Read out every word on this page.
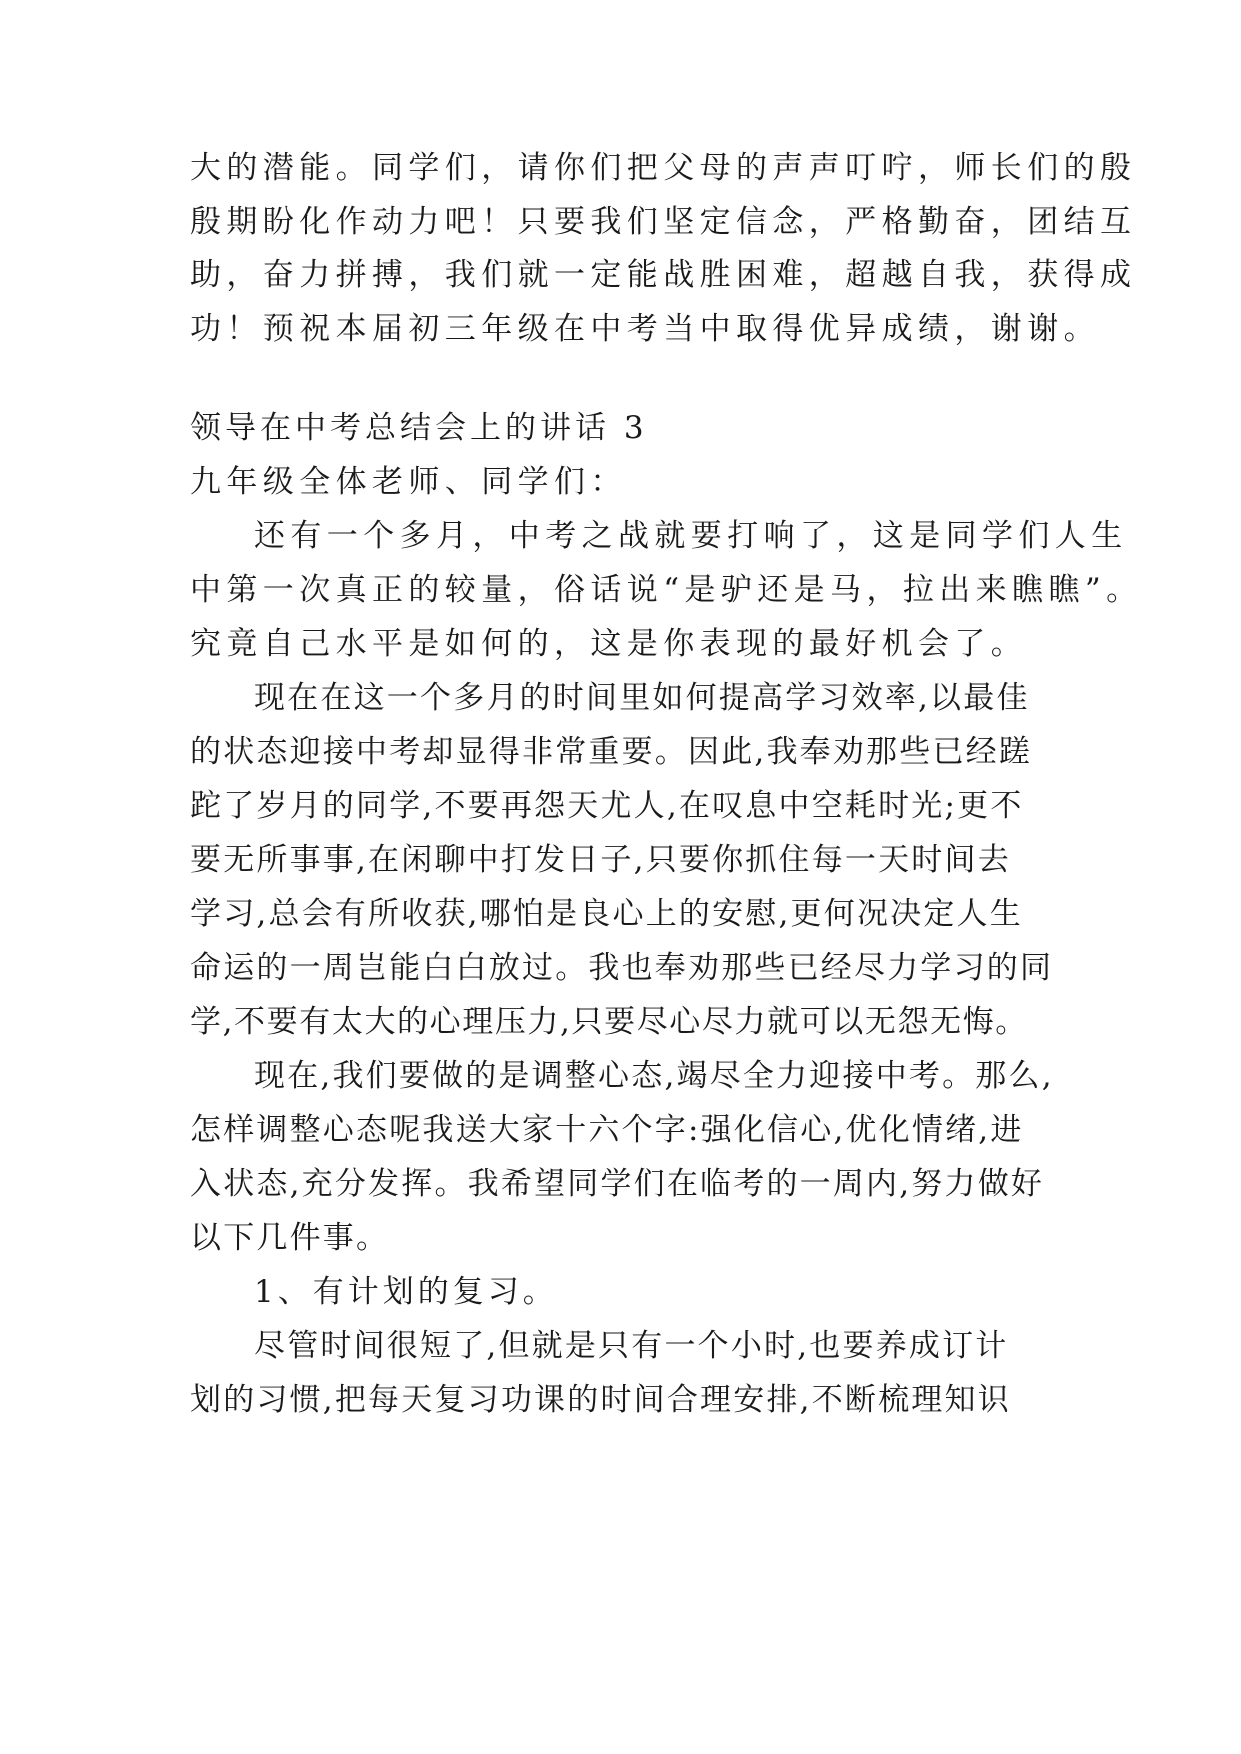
大的潜能。同学们，请你们把父母的声声叮咛，师长们的殷
殷期盼化作动力吧！只要我们坚定信念，严格勤奋，团结互
助，奋力拼搏，我们就一定能战胜困难，超越自我，获得成
功！预祝本届初三年级在中考当中取得优异成绩，谢谢。
领导在中考总结会上的讲话 3
九年级全体老师、同学们：
还有一个多月，中考之战就要打响了，这是同学们人生
中第一次真正的较量，俗话说“是驴还是马，拉出来瞧瞧”。
究竟自己水平是如何的，这是你表现的最好机会了。
现在在这一个多月的时间里如何提高学习效率,以最佳
的状态迎接中考却显得非常重要。因此,我奉劝那些已经蹉
跎了岁月的同学,不要再怨天尤人,在叹息中空耗时光;更不
要无所事事,在闲聊中打发日子,只要你抓住每一天时间去
学习,总会有所收获,哪怕是良心上的安慰,更何况决定人生
命运的一周岂能白白放过。我也奉劝那些已经尽力学习的同
学,不要有太大的心理压力,只要尽心尽力就可以无怨无悔。
现在,我们要做的是调整心态,竭尽全力迎接中考。那么,
怎样调整心态呢我送大家十六个字:强化信心,优化情绪,进
入状态,充分发挥。我希望同学们在临考的一周内,努力做好
以下几件事。
1、有计划的复习。
尽管时间很短了,但就是只有一个小时,也要养成订计
划的习惯,把每天复习功课的时间合理安排,不断梳理知识
